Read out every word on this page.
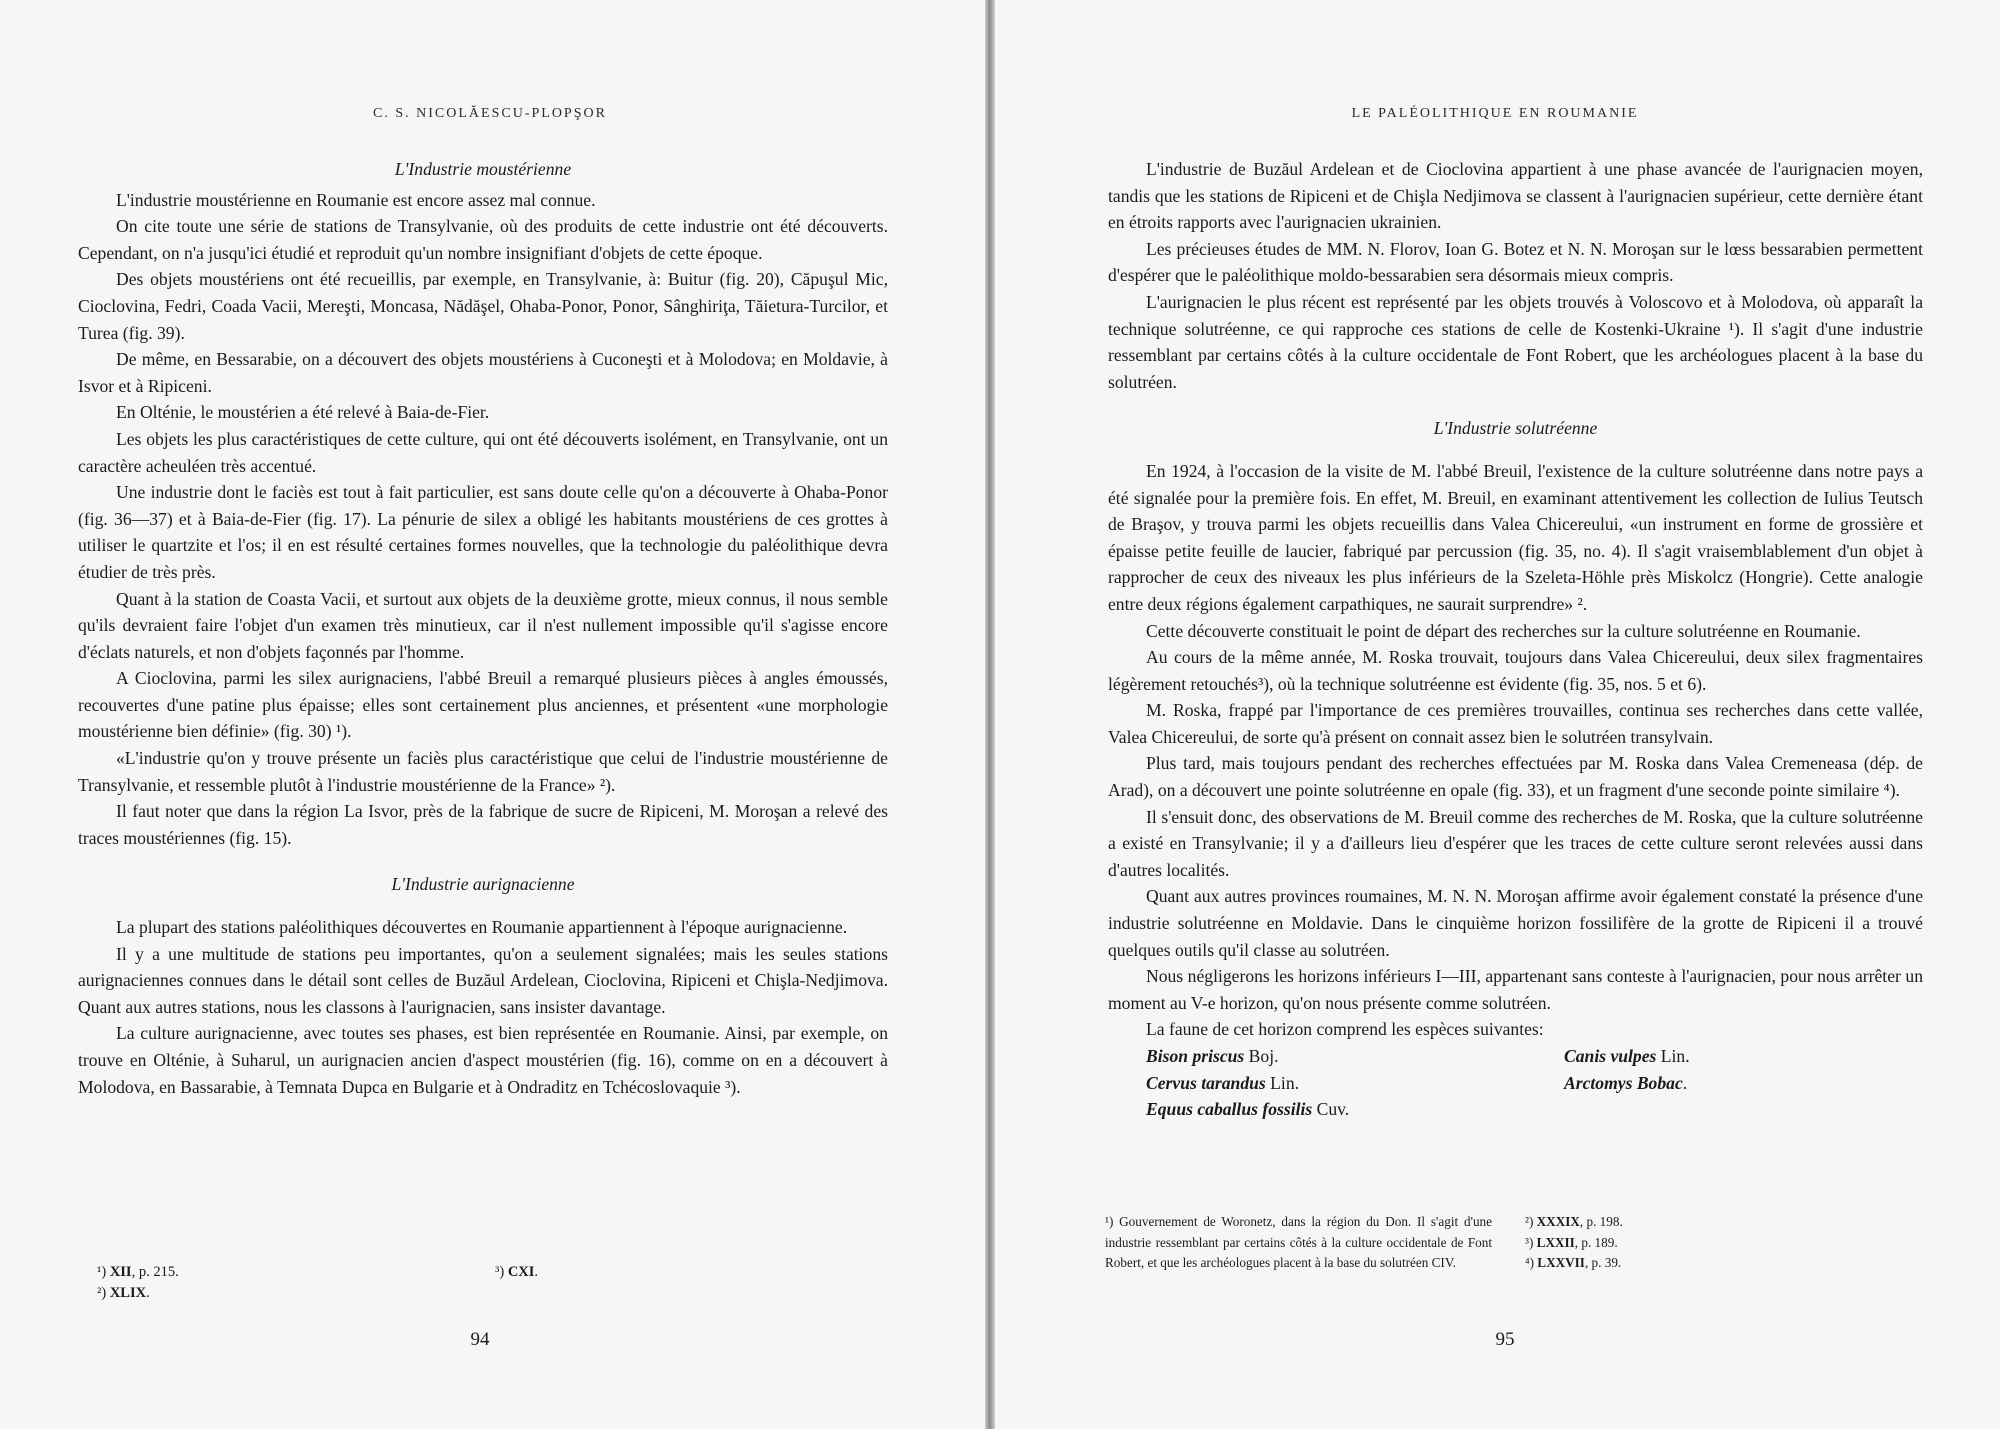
C. S. NICOLĂESCU-PLOPŞOR
L'Industrie moustérienne

L'industrie moustérienne en Roumanie est encore assez mal connue.

On cite toute une série de stations de Transylvanie, où des produits de cette industrie ont été découverts. Cependant, on n'a jusqu'ici étudié et reproduit qu'un nombre insignifiant d'objets de cette époque.

Des objets moustériens ont été recueillis, par exemple, en Transylvanie, à: Buitur (fig. 20), Căpuşul Mic, Cioclovina, Fedri, Coada Vacii, Mereşti, Moncasa, Nădăşel, Ohaba-Ponor, Ponor, Sânghiriţa, Tăietura-Turcilor, et Turea (fig. 39).

De même, en Bessarabie, on a découvert des objets moustériens à Cuconeşti et à Molodova; en Moldavie, à Isvor et à Ripiceni.

En Olténie, le moustérien a été relevé à Baia-de-Fier.

Les objets les plus caractéristiques de cette culture, qui ont été découverts isolément, en Transylvanie, ont un caractère acheuléen très accentué.

Une industrie dont le faciès est tout à fait particulier, est sans doute celle qu'on a découverte à Ohaba-Ponor (fig. 36—37) et à Baia-de-Fier (fig. 17). La pénurie de silex a obligé les habitants moustériens de ces grottes à utiliser le quartzite et l'os; il en est résulté certaines formes nouvelles, que la technologie du paléolithique devra étudier de très près.

Quant à la station de Coasta Vacii, et surtout aux objets de la deuxième grotte, mieux connus, il nous semble qu'ils devraient faire l'objet d'un examen très minutieux, car il n'est nullement impossible qu'il s'agisse encore d'éclats naturels, et non d'objets façonnés par l'homme.

A Cioclovina, parmi les silex aurignaciens, l'abbé Breuil a remarqué plusieurs pièces à angles émoussés, recouvertes d'une patine plus épaisse; elles sont certainement plus anciennes, et présentent «une morphologie moustérienne bien définie» (fig. 30) ¹).

«L'industrie qu'on y trouve présente un faciès plus caractéristique que celui de l'industrie moustérienne de Transylvanie, et ressemble plutôt à l'industrie moustérienne de la France» ²).

Il faut noter que dans la région La Isvor, près de la fabrique de sucre de Ripiceni, M. Moroşan a relevé des traces moustériennes (fig. 15).

L'Industrie aurignacienne

La plupart des stations paléolithiques découvertes en Roumanie appartiennent à l'époque aurignacienne.

Il y a une multitude de stations peu importantes, qu'on a seulement signalées; mais les seules stations aurignaciennes connues dans le détail sont celles de Buzăul Ardelean, Cioclovina, Ripiceni et Chişla-Nedjimova. Quant aux autres stations, nous les classons à l'aurignacien, sans insister davantage.

La culture aurignacienne, avec toutes ses phases, est bien représentée en Roumanie. Ainsi, par exemple, on trouve en Olténie, à Suharul, un aurignacien ancien d'aspect moustérien (fig. 16), comme on en a découvert à Molodova, en Bassarabie, à Temnata Dupca en Bulgarie et à Ondraditz en Tchécoslovaquie ³).

¹) XII, p. 215.
²) XLIX.
³) CXI.
94
LE PALÉOLITHIQUE EN ROUMANIE

L'industrie de Buzăul Ardelean et de Cioclovina appartient à une phase avancée de l'aurignacien moyen, tandis que les stations de Ripiceni et de Chişla Nedjimova se classent à l'aurignacien supérieur, cette dernière étant en étroits rapports avec l'aurignacien ukrainien.

Les précieuses études de MM. N. Florov, Ioan G. Botez et N. N. Moroşan sur le lœss bessarabien permettent d'espérer que le paléolithique moldo-bessarabien sera désormais mieux compris.

L'aurignacien le plus récent est représenté par les objets trouvés à Voloscovo et à Molodova, où apparaît la technique solutréenne, ce qui rapproche ces stations de celle de Kostenki-Ukraine ¹). Il s'agit d'une industrie ressemblant par certains côtés à la culture occidentale de Font Robert, que les archéologues placent à la base du solutréen.

L'Industrie solutréenne

En 1924, à l'occasion de la visite de M. l'abbé Breuil, l'existence de la culture solutréenne dans notre pays a été signalée pour la première fois. En effet, M. Breuil, en examinant attentivement les collection de Iulius Teutsch de Braşov, y trouva parmi les objets recueillis dans Valea Chicereului, «un instrument en forme de grossière et épaisse petite feuille de laucier, fabriqué par percussion (fig. 35, no. 4). Il s'agit vraisemblablement d'un objet à rapprocher de ceux des niveaux les plus inférieurs de la Szeleta-Höhle près Miskolcz (Hongrie). Cette analogie entre deux régions également carpathiques, ne saurait surprendre» ².

Cette découverte constituait le point de départ des recherches sur la culture solutréenne en Roumanie.

Au cours de la même année, M. Roska trouvait, toujours dans Valea Chicereului, deux silex fragmentaires légèrement retouchés³), où la technique solutréenne est évidente (fig. 35, nos. 5 et 6).

M. Roska, frappé par l'importance de ces premières trouvailles, continua ses recherches dans cette vallée, Valea Chicereului, de sorte qu'à présent on connait assez bien le solutréen transylvain.

Plus tard, mais toujours pendant des recherches effectuées par M. Roska dans Valea Cremeneasa (dép. de Arad), on a découvert une pointe solutréenne en opale (fig. 33), et un fragment d'une seconde pointe similaire ⁴).

Il s'ensuit donc, des observations de M. Breuil comme des recherches de M. Roska, que la culture solutréenne a existé en Transylvanie; il y a d'ailleurs lieu d'espérer que les traces de cette culture seront relevées aussi dans d'autres localités.

Quant aux autres provinces roumaines, M. N. N. Moroşan affirme avoir également constaté la présence d'une industrie solutréenne en Moldavie. Dans le cinquième horizon fossilifère de la grotte de Ripiceni il a trouvé quelques outils qu'il classe au solutréen.

Nous négligerons les horizons inférieurs I—III, appartenant sans conteste à l'aurignacien, pour nous arrêter un moment au V-e horizon, qu'on nous présente comme solutréen.

La faune de cet horizon comprend les espèces suivantes:

Bison priscus Boj.	Canis vulpes Lin.
Cervus tarandus Lin.	Arctomys Bobac.
Equus caballus fossilis Cuv.
¹) Gouvernement de Woronetz, dans la région du Don. Il s'agit d'une industrie ressemblant par certains côtés à la culture occidentale de Font Robert, et que les archéologues placent à la base du solutréen CIV.
²) XXXIX, p. 198.
³) LXXII, p. 189.
⁴) LXXVII, p. 39.
95
